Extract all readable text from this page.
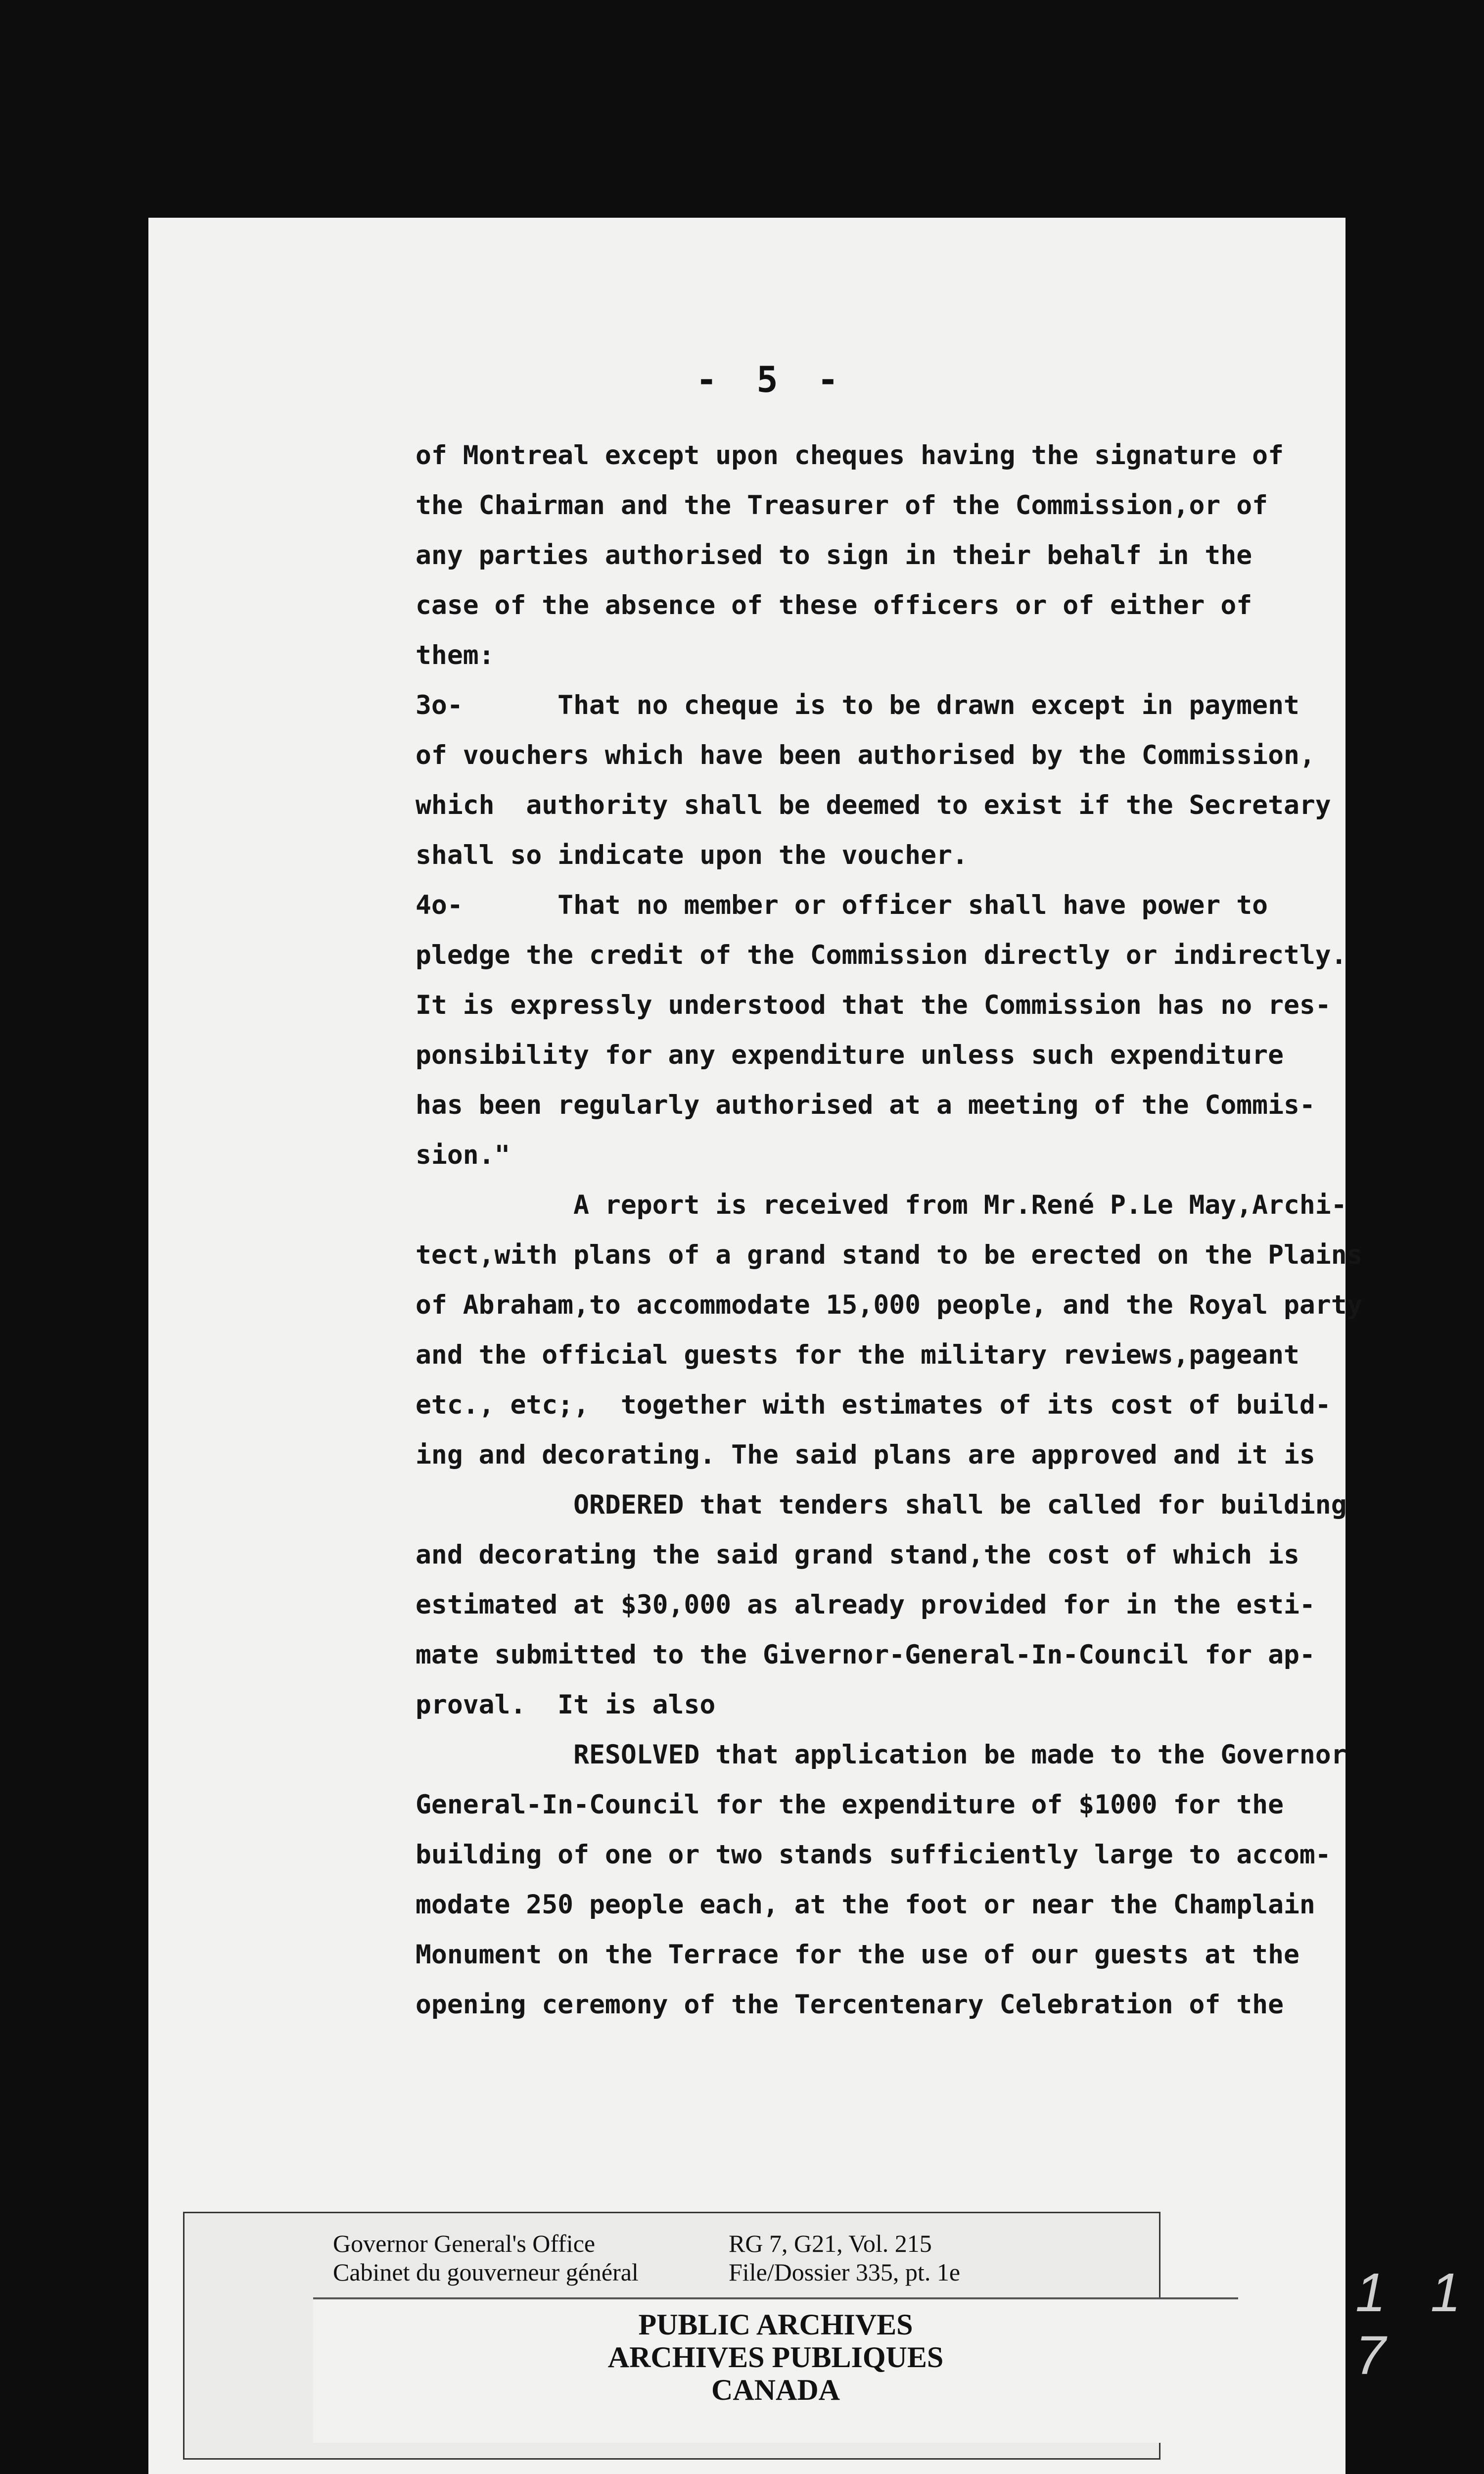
- 5 -
of Montreal except upon cheques having the signature of
the Chairman and the Treasurer of the Commission,or of
any parties authorised to sign in their behalf in the
case of the absence of these officers or of either of
them:
3o-      That no cheque is to be drawn except in payment
of vouchers which have been authorised by the Commission,
which  authority shall be deemed to exist if the Secretary
shall so indicate upon the voucher.
4o-      That no member or officer shall have power to
pledge the credit of the Commission directly or indirectly.
It is expressly understood that the Commission has no res-
ponsibility for any expenditure unless such expenditure
has been regularly authorised at a meeting of the Commis-
sion."
A report is received from Mr.René P.Le May,Archi-
tect,with plans of a grand stand to be erected on the Plains
of Abraham,to accommodate 15,000 people, and the Royal party
and the official guests for the military reviews,pageant
etc., etc;,  together with estimates of its cost of build-
ing and decorating. The said plans are approved and it is
ORDERED that tenders shall be called for building
and decorating the said grand stand,the cost of which is
estimated at $30,000 as already provided for in the esti-
mate submitted to the Givernor-General-In-Council for ap-
proval.  It is also
RESOLVED that application be made to the Governor
General-In-Council for the expenditure of $1000 for the
building of one or two stands sufficiently large to accom-
modate 250 people each, at the foot or near the Champlain
Monument on the Terrace for the use of our guests at the
opening ceremony of the Tercentenary Celebration of the
Governor General's Office
Cabinet du gouverneur général
RG 7, G21, Vol. 215
File/Dossier 335, pt. 1e
PUBLIC ARCHIVES
ARCHIVES PUBLIQUES
CANADA
1 1 7
